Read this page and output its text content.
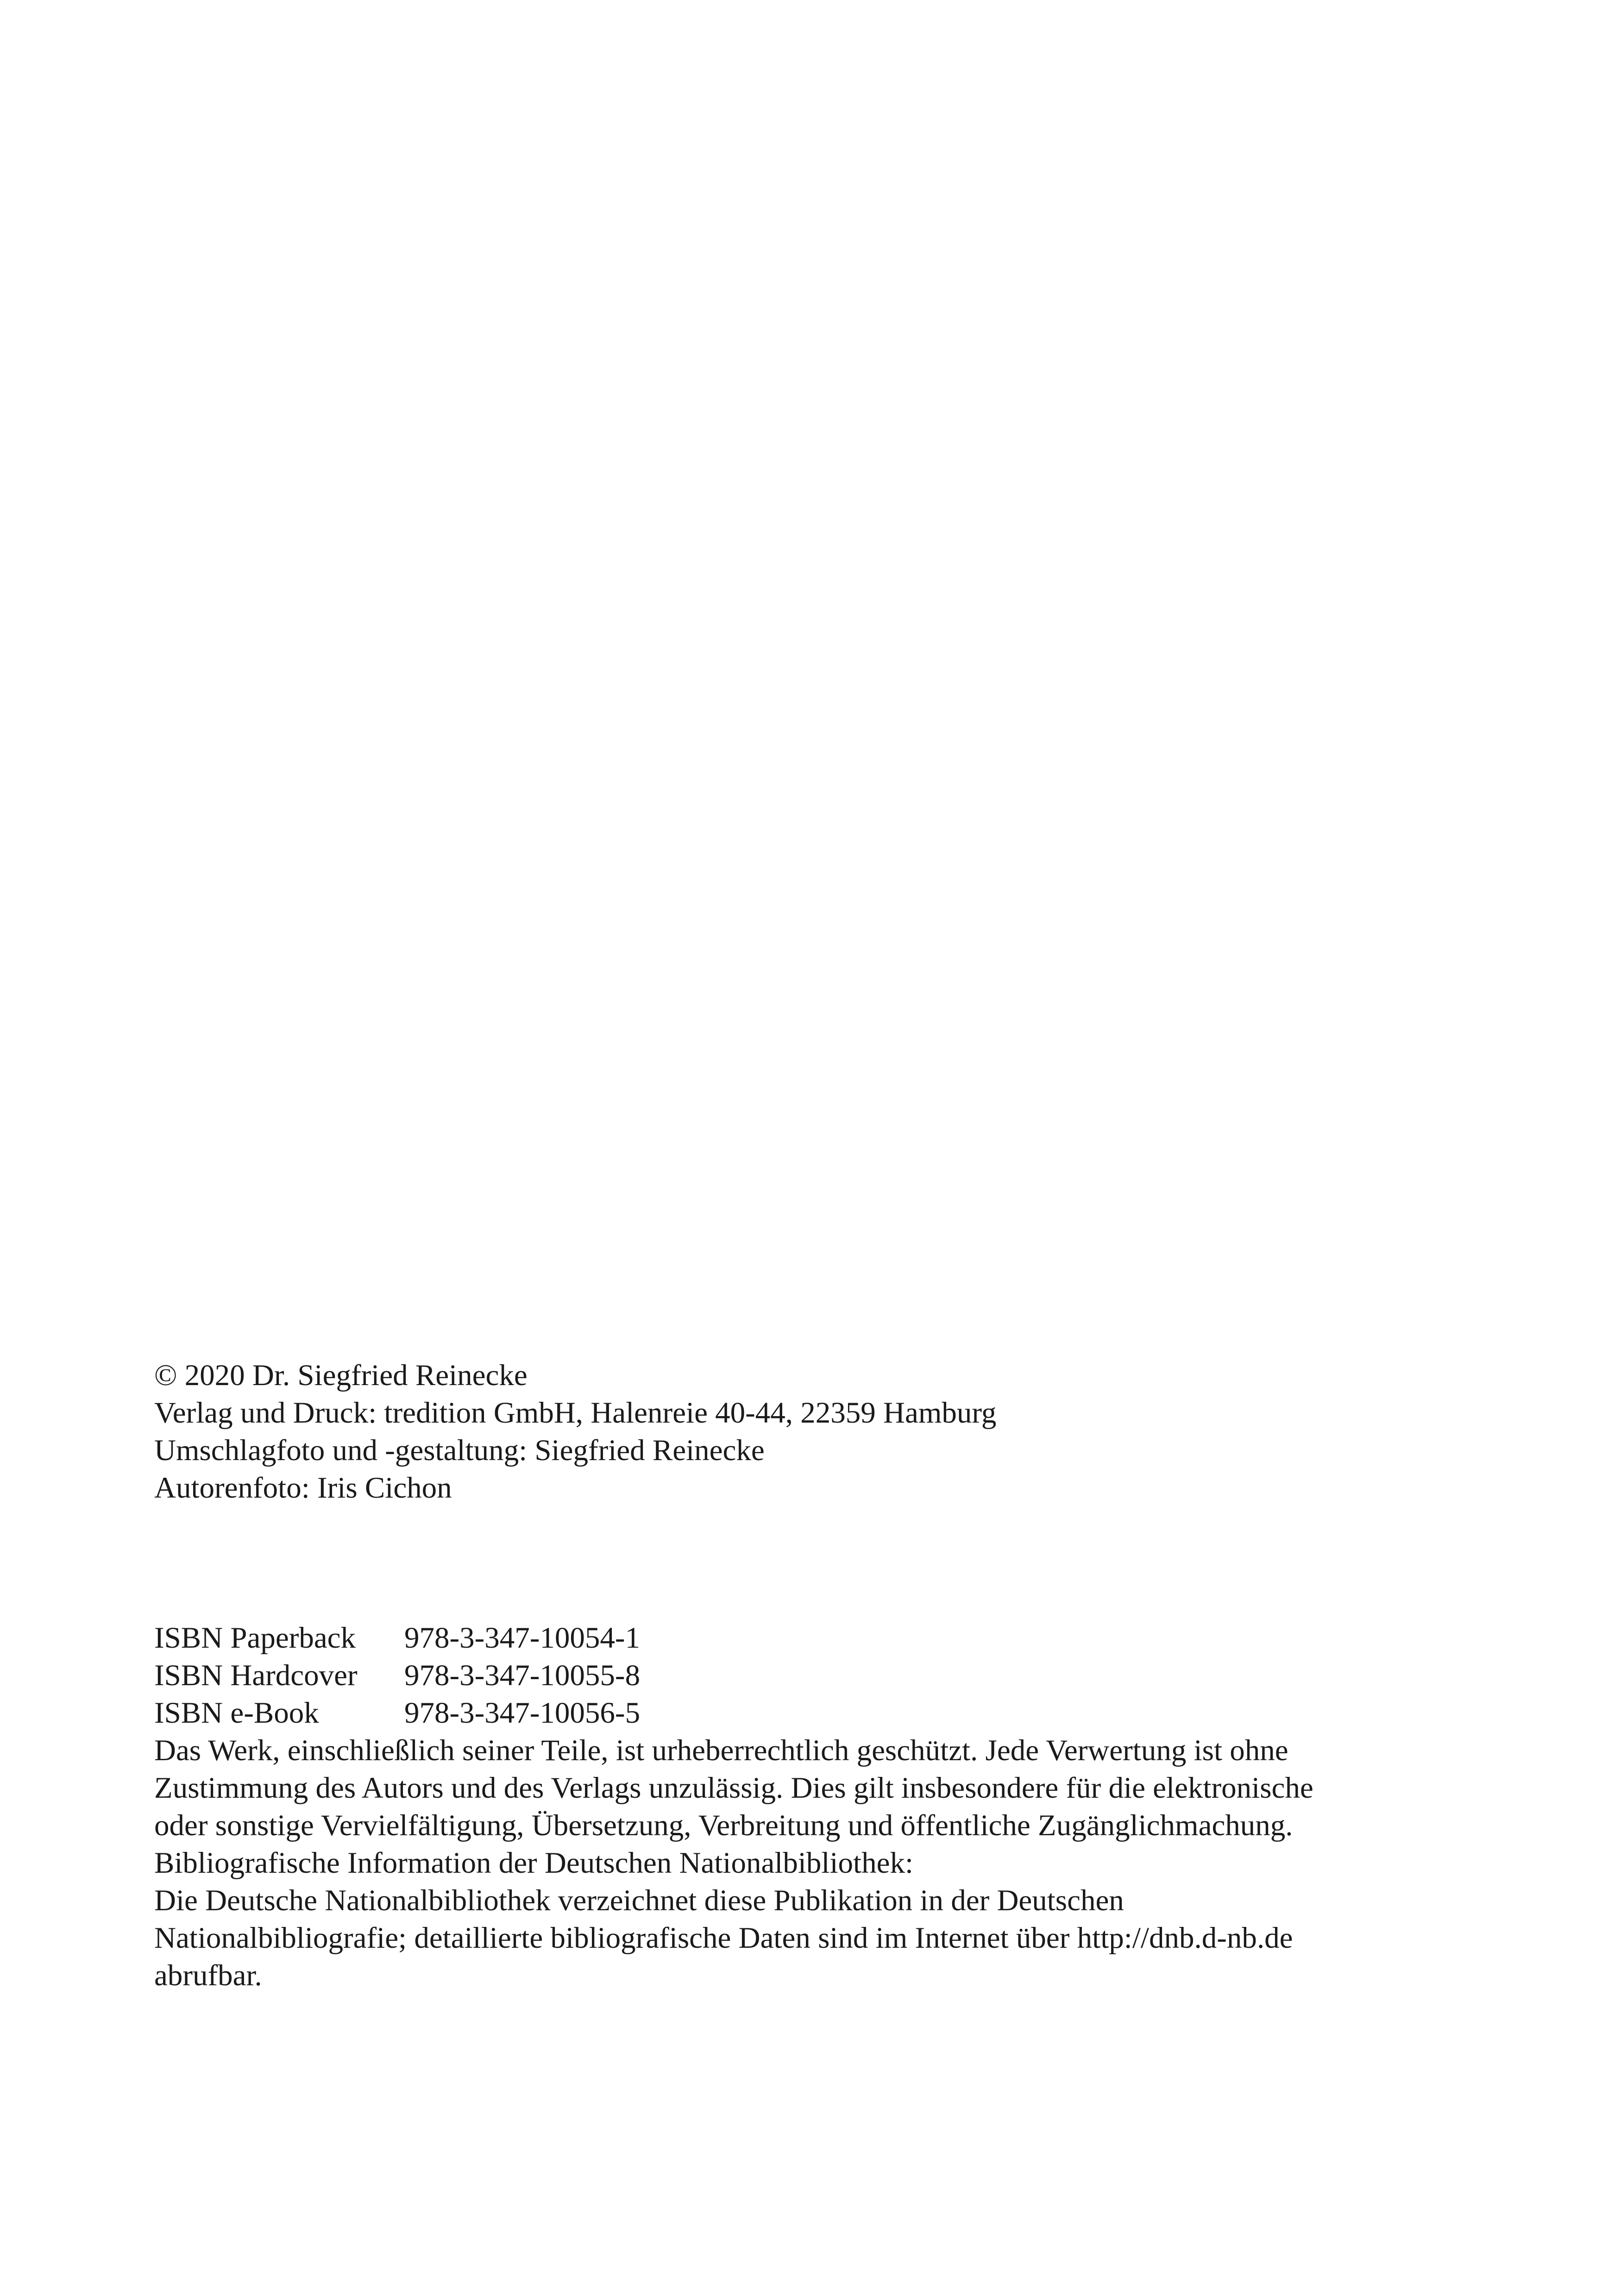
© 2020 Dr. Siegfried Reinecke

Verlag und Druck: tredition GmbH, Halenreie 40-44, 22359 Hamburg

Umschlagfoto und -gestaltung: Siegfried Reinecke
Autorenfoto: Iris Cichon

ISBN Paperback	978-3-347-10054-1
ISBN Hardcover	978-3-347-10055-8
ISBN e-Book	978-3-347-10056-5

Das Werk, einschließlich seiner Teile, ist urheberrechtlich geschützt. Jede Verwertung ist ohne
Zustimmung des Autors und des Verlags unzulässig. Dies gilt insbesondere für die elektronische
oder sonstige Vervielfältigung, Übersetzung, Verbreitung und öffentliche Zugänglichmachung.

Bibliografische Information der Deutschen Nationalbibliothek:
Die Deutsche Nationalbibliothek verzeichnet diese Publikation in der Deutschen
Nationalbibliografie; detaillierte bibliografische Daten sind im Internet über http://dnb.d-nb.de
abrufbar.
